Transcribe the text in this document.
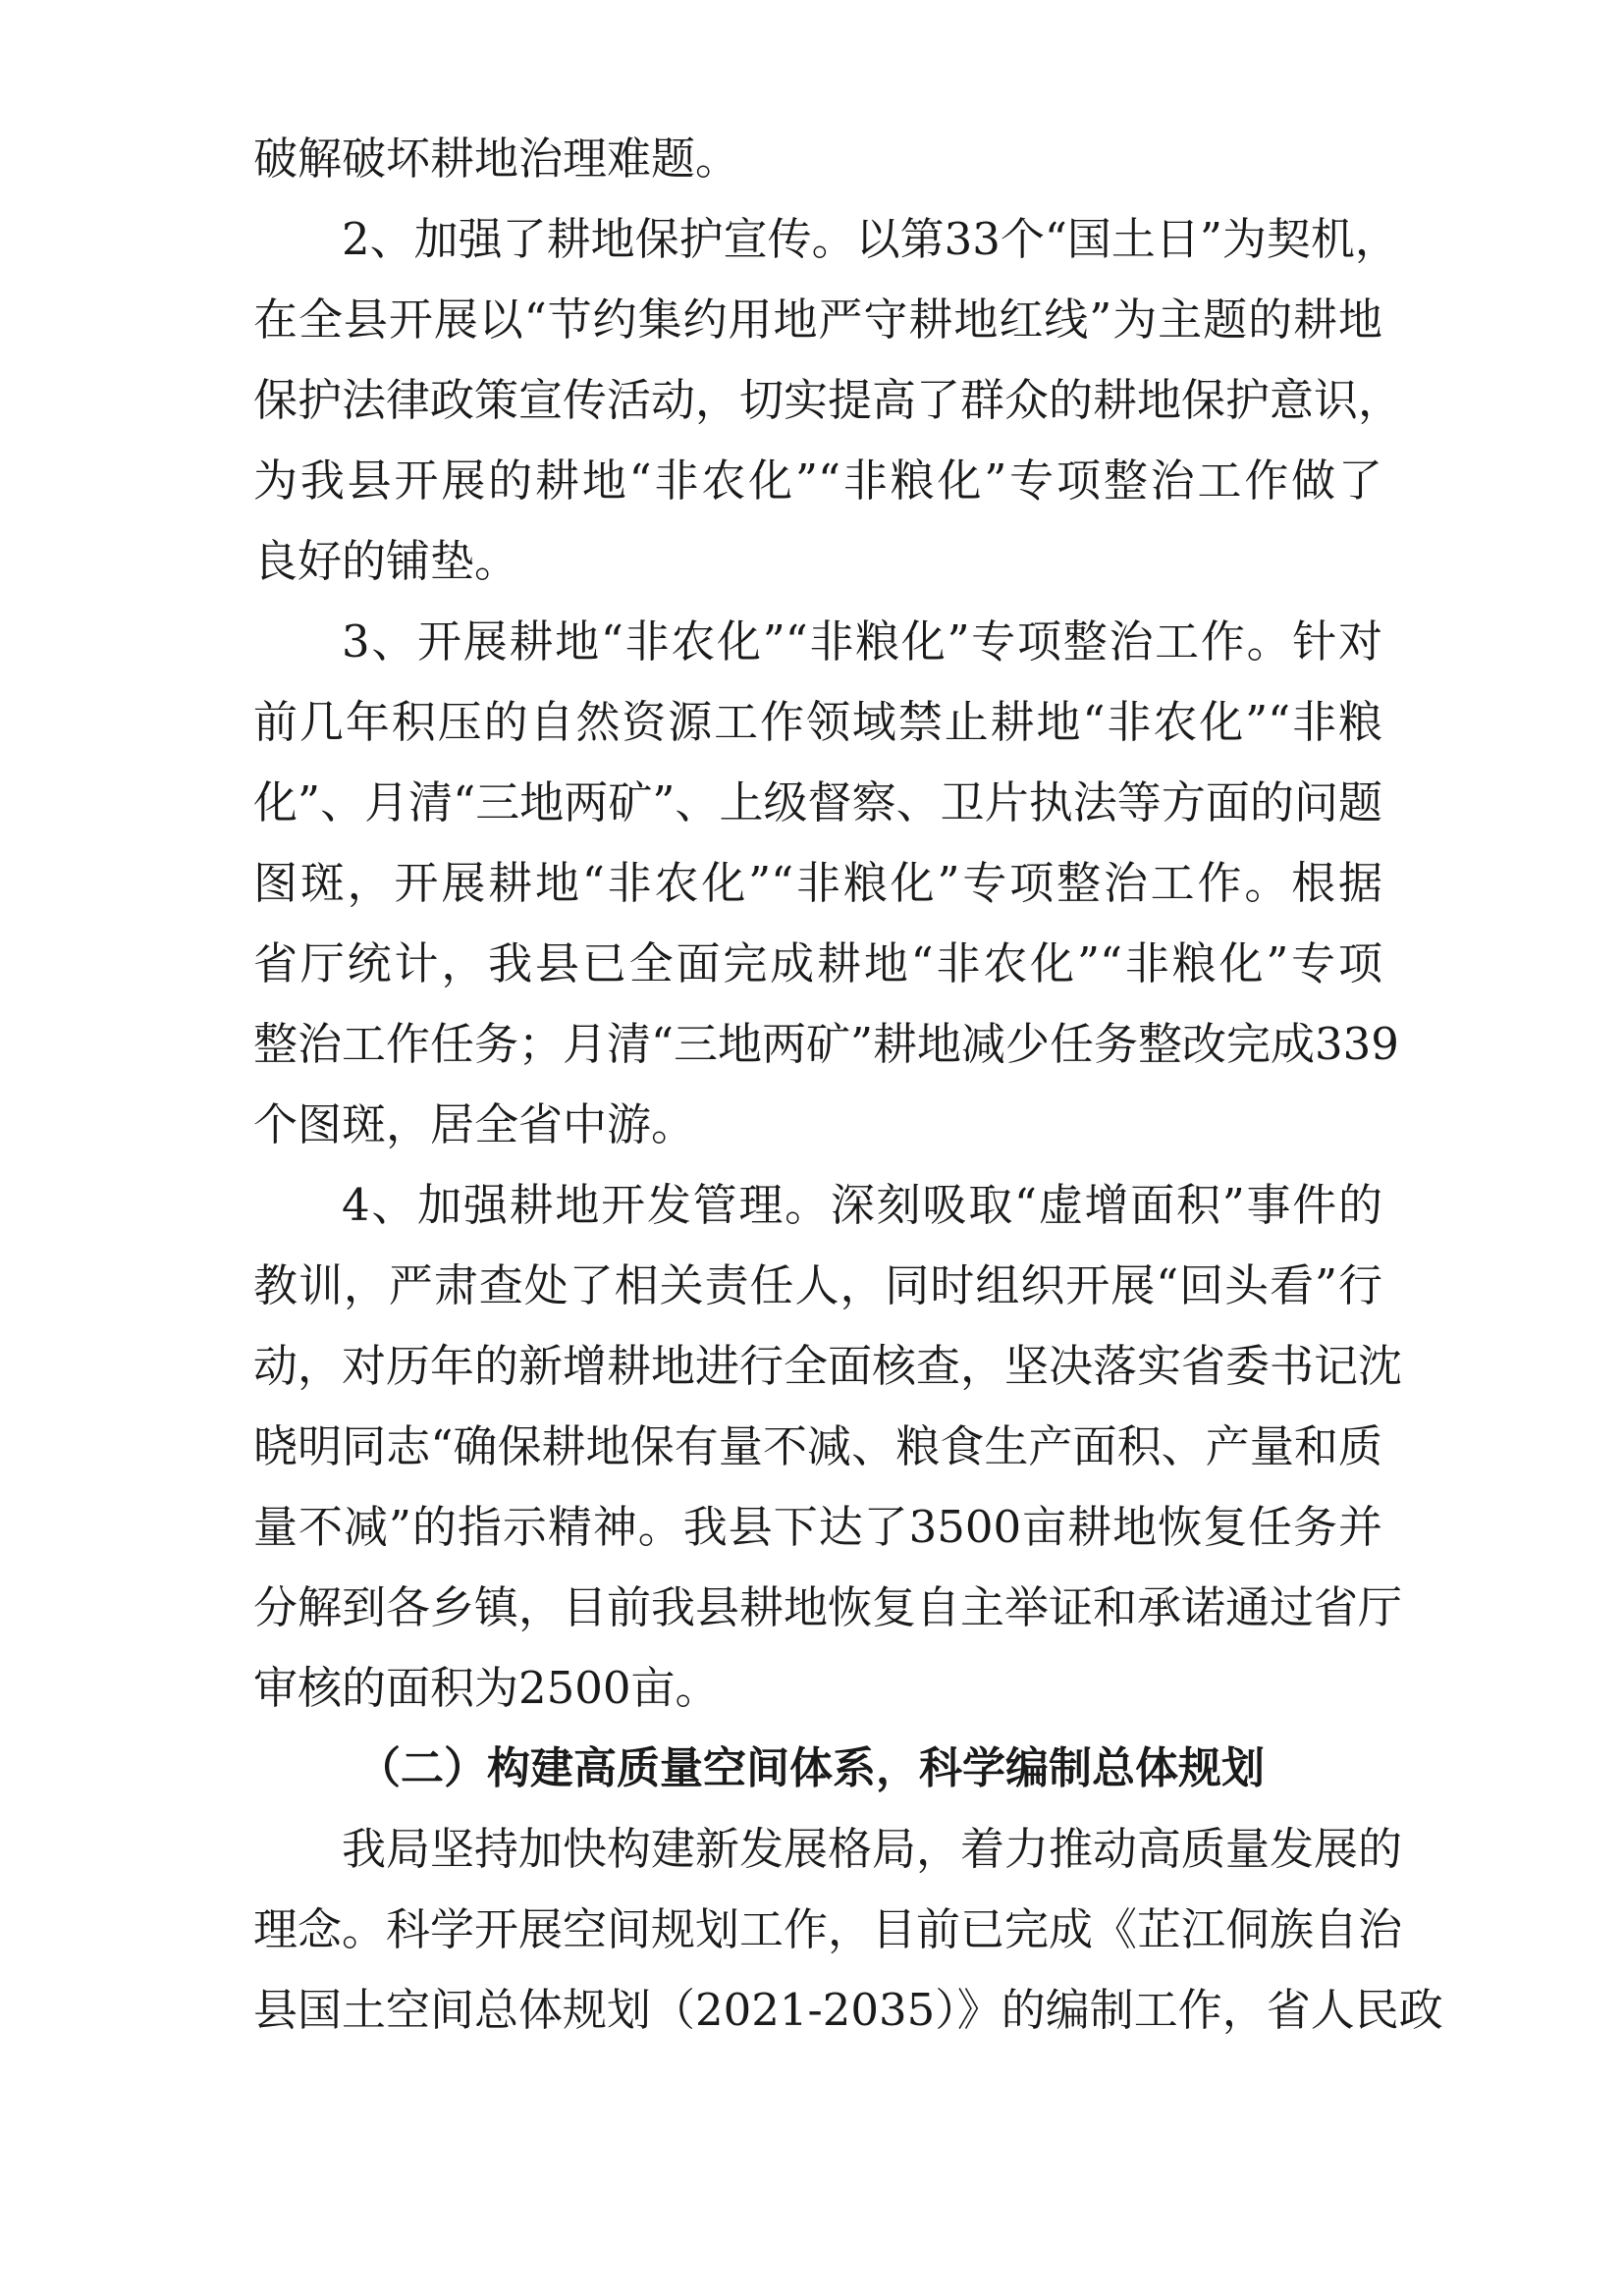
破解破坏耕地治理难题。
2、加强了耕地保护宣传。以第33个“国土日”为契机，
在全县开展以“节约集约用地严守耕地红线”为主题的耕地
保护法律政策宣传活动，切实提高了群众的耕地保护意识，
为我县开展的耕地“非农化”“非粮化”专项整治工作做了
良好的铺垫。
3、开展耕地“非农化”“非粮化”专项整治工作。针对
前几年积压的自然资源工作领域禁止耕地“非农化”“非粮
化”、月清“三地两矿”、上级督察、卫片执法等方面的问题
图斑，开展耕地“非农化”“非粮化”专项整治工作。根据
省厅统计，我县已全面完成耕地“非农化”“非粮化”专项
整治工作任务；月清“三地两矿”耕地减少任务整改完成339
个图斑，居全省中游。
4、加强耕地开发管理。深刻吸取“虚增面积”事件的
教训，严肃查处了相关责任人，同时组织开展“回头看”行
动，对历年的新增耕地进行全面核查，坚决落实省委书记沈
晓明同志“确保耕地保有量不减、粮食生产面积、产量和质
量不减”的指示精神。我县下达了3500亩耕地恢复任务并
分解到各乡镇，目前我县耕地恢复自主举证和承诺通过省厅
审核的面积为2500亩。
（二）构建高质量空间体系，科学编制总体规划
我局坚持加快构建新发展格局，着力推动高质量发展的
理念。科学开展空间规划工作，目前已完成《芷江侗族自治
县国土空间总体规划（2021-2035）》的编制工作，省人民政
